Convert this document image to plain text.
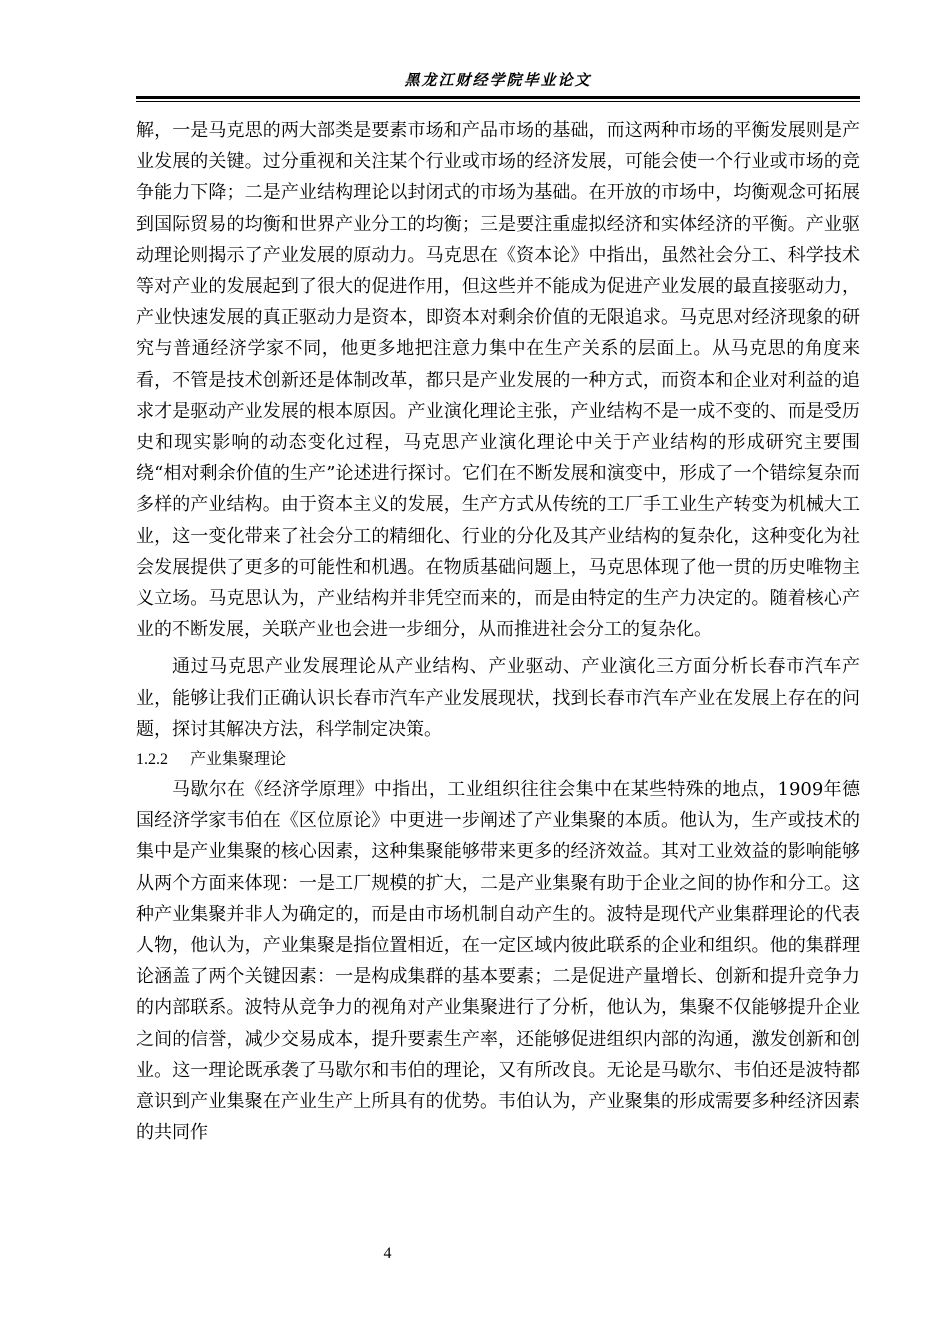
黑龙江财经学院毕业论文

解，一是马克思的两大部类是要素市场和产品市场的基础，而这两种市场的平衡发展则是产业发展的关键。过分重视和关注某个行业或市场的经济发展，可能会使一个行业或市场的竞争能力下降；二是产业结构理论以封闭式的市场为基础。在开放的市场中，均衡观念可拓展到国际贸易的均衡和世界产业分工的均衡；三是要注重虚拟经济和实体经济的平衡。产业驱动理论则揭示了产业发展的原动力。马克思在《资本论》中指出，虽然社会分工、科学技术等对产业的发展起到了很大的促进作用，但这些并不能成为促进产业发展的最直接驱动力，产业快速发展的真正驱动力是资本，即资本对剩余价值的无限追求。马克思对经济现象的研究与普通经济学家不同，他更多地把注意力集中在生产关系的层面上。从马克思的角度来看，不管是技术创新还是体制改革，都只是产业发展的一种方式，而资本和企业对利益的追求才是驱动产业发展的根本原因。产业演化理论主张，产业结构不是一成不变的、而是受历史和现实影响的动态变化过程，马克思产业演化理论中关于产业结构的形成研究主要围绕“相对剩余价值的生产”论述进行探讨。它们在不断发展和演变中，形成了一个错综复杂而多样的产业结构。由于资本主义的发展，生产方式从传统的工厂手工业生产转变为机械大工业，这一变化带来了社会分工的精细化、行业的分化及其产业结构的复杂化，这种变化为社会发展提供了更多的可能性和机遇。在物质基础问题上，马克思体现了他一贯的历史唯物主义立场。马克思认为，产业结构并非凭空而来的，而是由特定的生产力决定的。随着核心产业的不断发展，关联产业也会进一步细分，从而推进社会分工的复杂化。

通过马克思产业发展理论从产业结构、产业驱动、产业演化三方面分析长春市汽车产业，能够让我们正确认识长春市汽车产业发展现状，找到长春市汽车产业在发展上存在的问题，探讨其解决方法，科学制定决策。

1.2.2 产业集聚理论

马歇尔在《经济学原理》中指出，工业组织往往会集中在某些特殊的地点，1909年德国经济学家韦伯在《区位原论》中更进一步阐述了产业集聚的本质。他认为，生产或技术的集中是产业集聚的核心因素，这种集聚能够带来更多的经济效益。其对工业效益的影响能够从两个方面来体现：一是工厂规模的扩大，二是产业集聚有助于企业之间的协作和分工。这种产业集聚并非人为确定的，而是由市场机制自动产生的。波特是现代产业集群理论的代表人物，他认为，产业集聚是指位置相近，在一定区域内彼此联系的企业和组织。他的集群理论涵盖了两个关键因素：一是构成集群的基本要素；二是促进产量增长、创新和提升竞争力的内部联系。波特从竞争力的视角对产业集聚进行了分析，他认为，集聚不仅能够提升企业之间的信誉，减少交易成本，提升要素生产率，还能够促进组织内部的沟通，激发创新和创业。这一理论既承袭了马歇尔和韦伯的理论，又有所改良。无论是马歇尔、韦伯还是波特都意识到产业集聚在产业生产上所具有的优势。韦伯认为，产业聚集的形成需要多种经济因素的共同作

4
